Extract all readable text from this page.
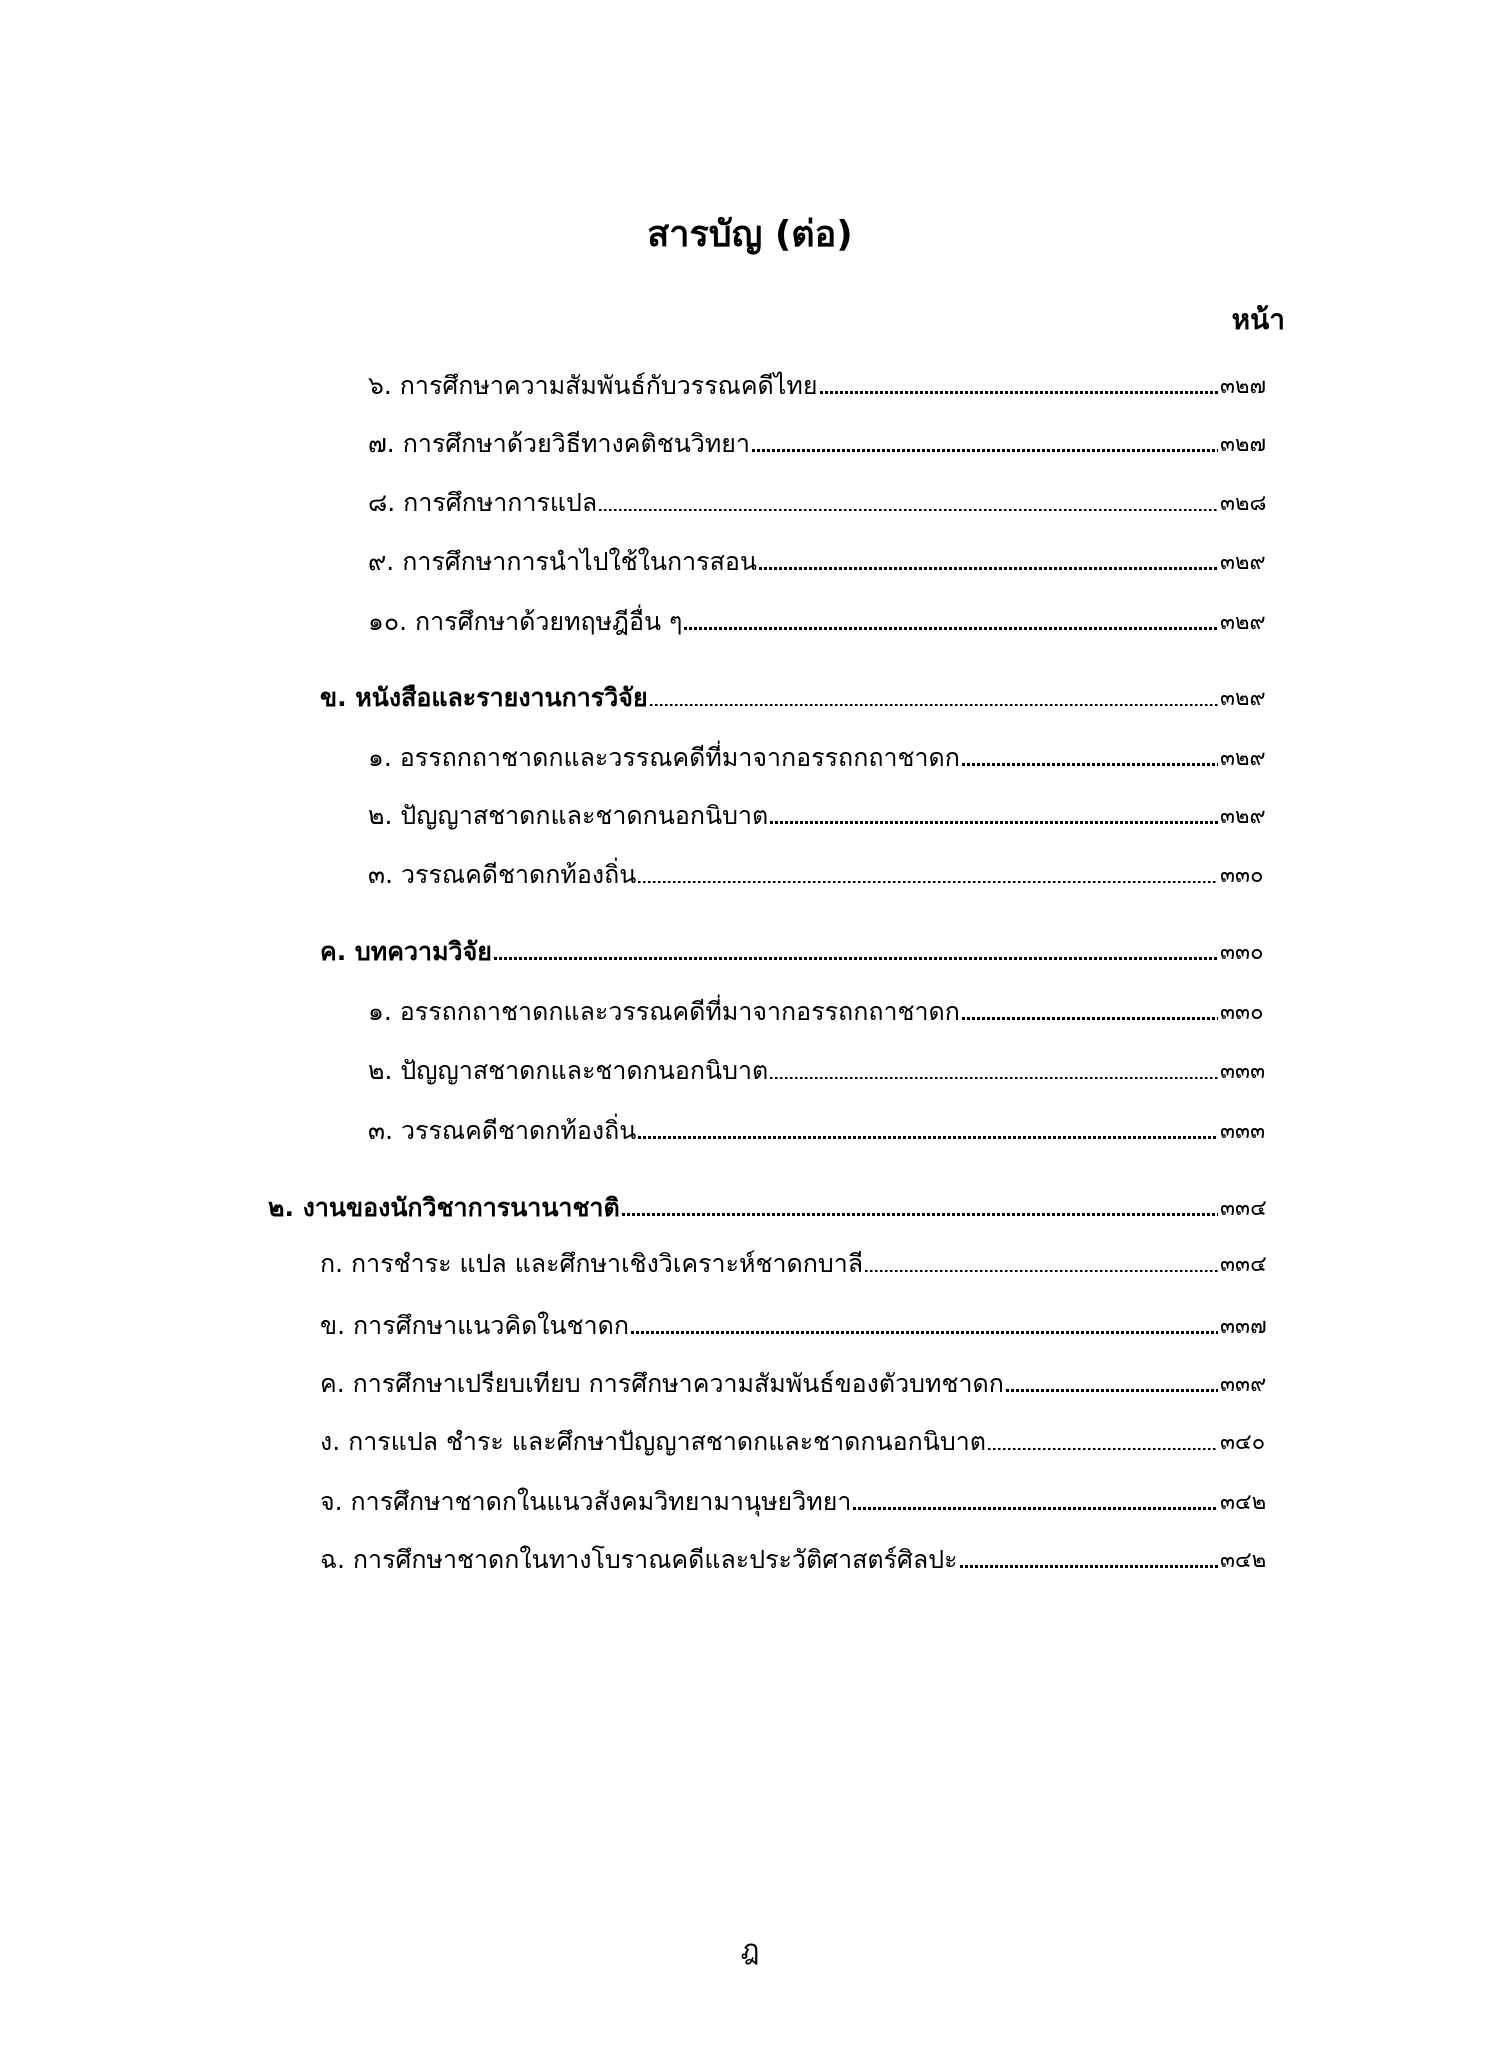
สารบัญ (ต่อ)
หน้า
๖. การศึกษาความสัมพันธ์กับวรรณคดีไทย	๓๒๗
๗. การศึกษาด้วยวิธีทางคติชนวิทยา	๓๒๗
๘. การศึกษาการแปล	๓๒๘
๙. การศึกษาการนำไปใช้ในการสอน	๓๒๙
๑๐. การศึกษาด้วยทฤษฎีอื่น ๆ	๓๒๙
ข. หนังสือและรายงานการวิจัย	๓๒๙
๑. อรรถกถาชาดกและวรรณคดีที่มาจากอรรถกถาชาดก	๓๒๙
๒. ปัญญาสชาดกและชาดกนอกนิบาต	๓๒๙
๓. วรรณคดีชาดกท้องถิ่น	๓๓๐
ค. บทความวิจัย	๓๓๐
๑. อรรถกถาชาดกและวรรณคดีที่มาจากอรรถกถาชาดก	๓๓๐
๒. ปัญญาสชาดกและชาดกนอกนิบาต	๓๓๓
๓. วรรณคดีชาดกท้องถิ่น	๓๓๓
๒. งานของนักวิชาการนานาชาติ	๓๓๔
ก. การชำระ แปล และศึกษาเชิงวิเคราะห์ชาดกบาลี	๓๓๔
ข. การศึกษาแนวคิดในชาดก	๓๓๗
ค. การศึกษาเปรียบเทียบ การศึกษาความสัมพันธ์ของตัวบทชาดก	๓๓๙
ง. การแปล ชำระ และศึกษาปัญญาสชาดกและชาดกนอกนิบาต	๓๔๐
จ. การศึกษาชาดกในแนวสังคมวิทยามานุษยวิทยา	๓๔๒
ฉ. การศึกษาชาดกในทางโบราณคดีและประวัติศาสตร์ศิลปะ	๓๔๒
ฎ
